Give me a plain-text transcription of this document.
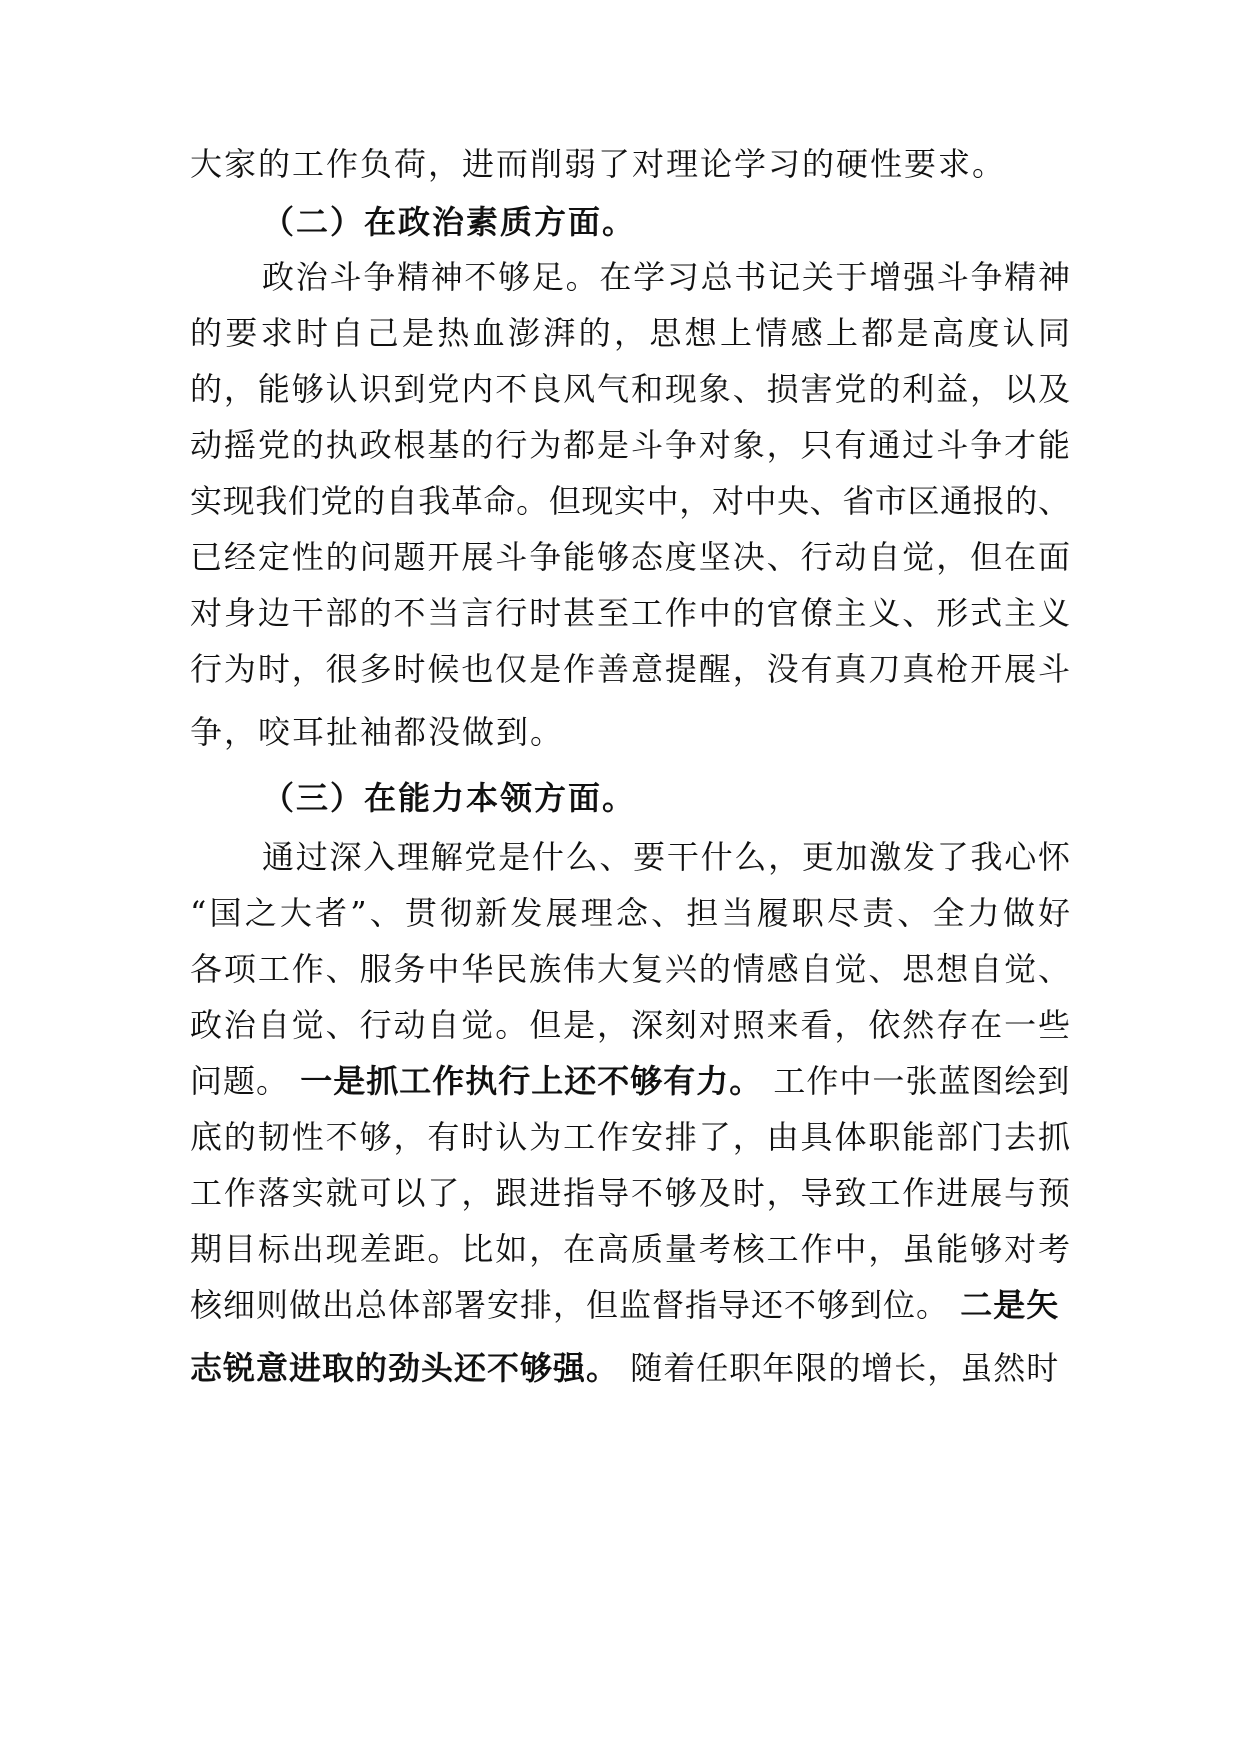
大家的工作负荷，进而削弱了对理论学习的硬性要求。
（二）在政治素质方面。
政治斗争精神不够足。在学习总书记关于增强斗争精神
的要求时自己是热血澎湃的，思想上情感上都是高度认同
的，能够认识到党内不良风气和现象、损害党的利益，以及
动摇党的执政根基的行为都是斗争对象，只有通过斗争才能
实现我们党的自我革命。但现实中，对中央、省市区通报的、
已经定性的问题开展斗争能够态度坚决、行动自觉，但在面
对身边干部的不当言行时甚至工作中的官僚主义、形式主义
行为时，很多时候也仅是作善意提醒，没有真刀真枪开展斗
争，咬耳扯袖都没做到。
（三）在能力本领方面。
通过深入理解党是什么、要干什么，更加激发了我心怀
“国之大者”、贯彻新发展理念、担当履职尽责、全力做好
各项工作、服务中华民族伟大复兴的情感自觉、思想自觉、
政治自觉、行动自觉。但是，深刻对照来看，依然存在一些
问题。 一是抓工作执行上还不够有力。 工作中一张蓝图绘到
底的韧性不够，有时认为工作安排了，由具体职能部门去抓
工作落实就可以了，跟进指导不够及时，导致工作进展与预
期目标出现差距。比如，在高质量考核工作中，虽能够对考
核细则做出总体部署安排，但监督指导还不够到位。 二是矢
志锐意进取的劲头还不够强。 随着任职年限的增长，虽然时
